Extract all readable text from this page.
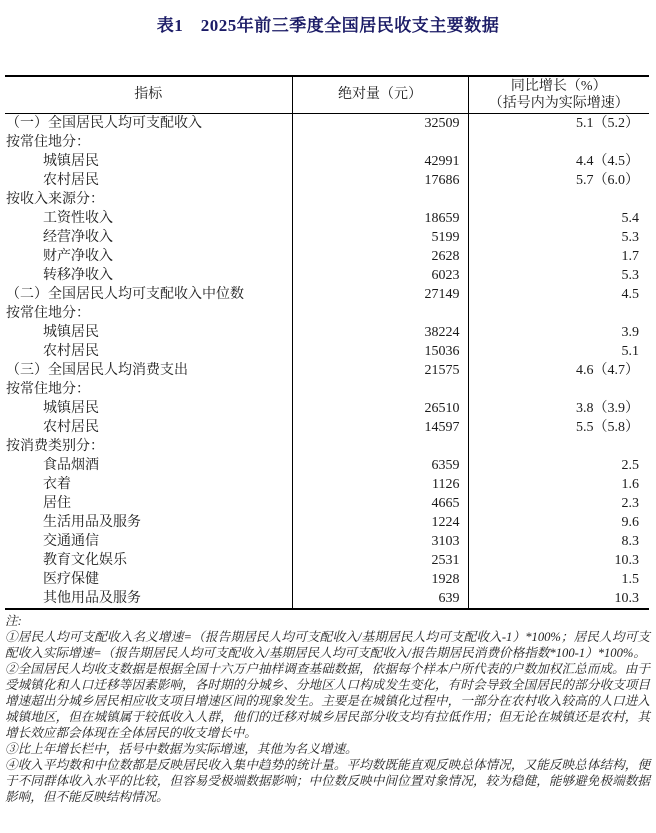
表1　2025年前三季度全国居民收支主要数据
指标	绝对量（元）	同比增长（%）
（括号内为实际增速）

（一）全国居民人均可支配收入	32509	5.1（5.2）
按常住地分：		
城镇居民	42991	4.4（4.5）
农村居民	17686	5.7（6.0）
按收入来源分：		
工资性收入	18659	5.4
经营净收入	5199	5.3
财产净收入	2628	1.7
转移净收入	6023	5.3
（二）全国居民人均可支配收入中位数	27149	4.5
按常住地分：		
城镇居民	38224	3.9
农村居民	15036	5.1
（三）全国居民人均消费支出	21575	4.6（4.7）
按常住地分：		
城镇居民	26510	3.8（3.9）
农村居民	14597	5.5（5.8）
按消费类别分：		
食品烟酒	6359	2.5
衣着	1126	1.6
居住	4665	2.3
生活用品及服务	1224	9.6
交通通信	3103	8.3
教育文化娱乐	2531	10.3
医疗保健	1928	1.5
其他用品及服务	639	10.3
注:

①居民人均可支配收入名义增速=（报告期居民人均可支配收入/基期居民人均可支配收入-1）*100%；居民人均可支配收入实际增速=（报告期居民人均可支配收入/基期居民人均可支配收入/报告期居民消费价格指数*100-1）*100%。

②全国居民人均收支数据是根据全国十六万户抽样调查基础数据，依据每个样本户所代表的户数加权汇总而成。由于受城镇化和人口迁移等因素影响，各时期的分城乡、分地区人口构成发生变化，有时会导致全国居民的部分收支项目增速超出分城乡居民相应收支项目增速区间的现象发生。主要是在城镇化过程中，一部分在农村收入较高的人口进入城镇地区，但在城镇属于较低收入人群，他们的迁移对城乡居民部分收支均有拉低作用；但无论在城镇还是农村，其增长效应都会体现在全体居民的收支增长中。

③比上年增长栏中，括号中数据为实际增速，其他为名义增速。

④收入平均数和中位数都是反映居民收入集中趋势的统计量。平均数既能直观反映总体情况，又能反映总体结构，便于不同群体收入水平的比较，但容易受极端数据影响；中位数反映中间位置对象情况，较为稳健，能够避免极端数据影响，但不能反映结构情况。
